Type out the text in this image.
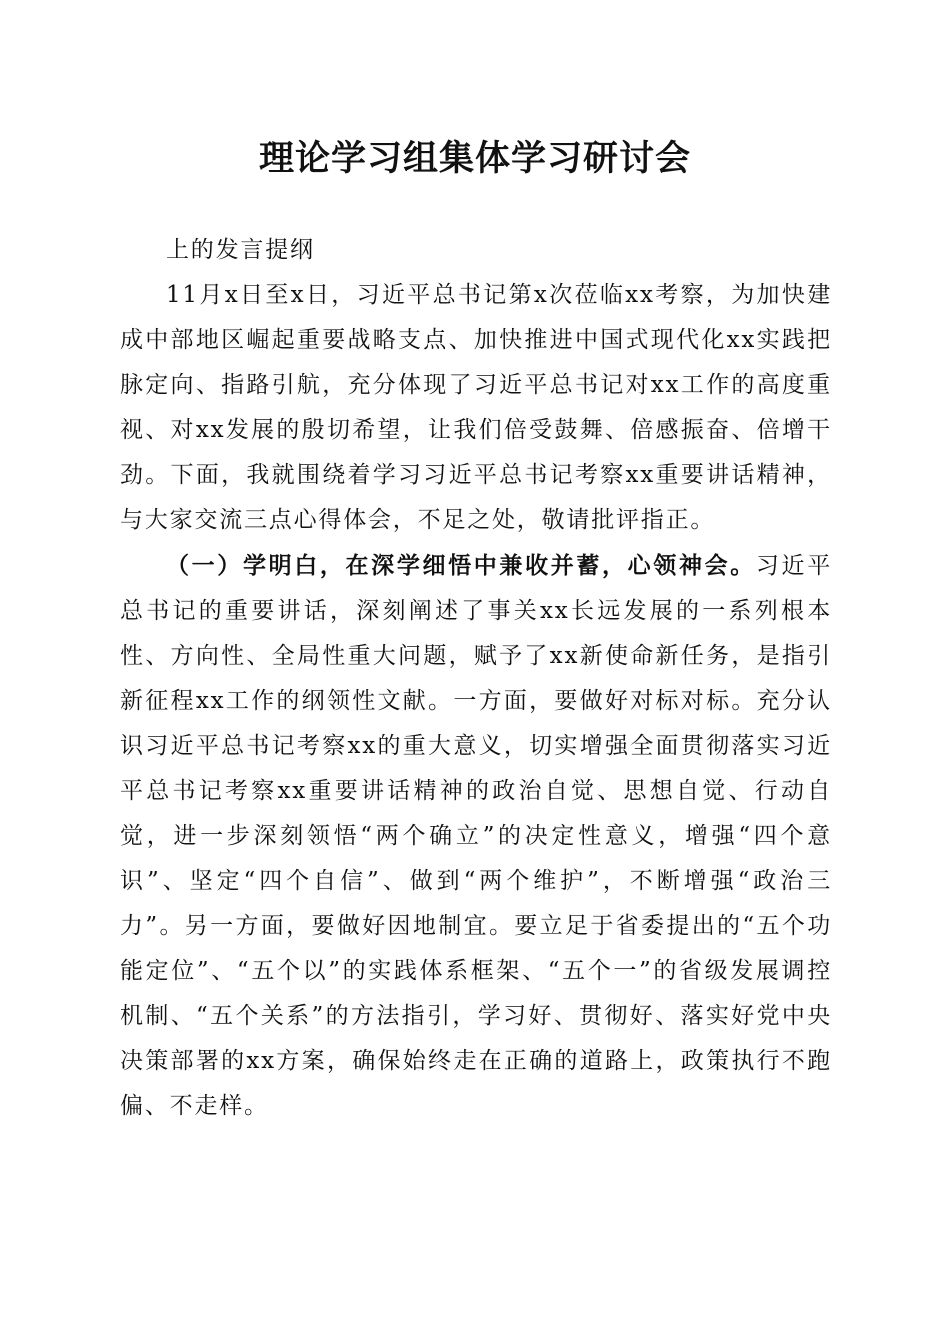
理论学习组集体学习研讨会

上的发言提纲

11月x日至x日，习近平总书记第x次莅临xx考察，为加快建成中部地区崛起重要战略支点、加快推进中国式现代化xx实践把脉定向、指路引航，充分体现了习近平总书记对xx工作的高度重视、对xx发展的殷切希望，让我们倍受鼓舞、倍感振奋、倍增干劲。下面，我就围绕着学习习近平总书记考察xx重要讲话精神，与大家交流三点心得体会，不足之处，敬请批评指正。

（一）学明白，在深学细悟中兼收并蓄，心领神会。习近平总书记的重要讲话，深刻阐述了事关xx长远发展的一系列根本性、方向性、全局性重大问题，赋予了xx新使命新任务，是指引新征程xx工作的纲领性文献。一方面，要做好对标对标。充分认识习近平总书记考察xx的重大意义，切实增强全面贯彻落实习近平总书记考察xx重要讲话精神的政治自觉、思想自觉、行动自觉，进一步深刻领悟“两个确立”的决定性意义，增强“四个意识”、坚定“四个自信”、做到“两个维护”，不断增强“政治三力”。另一方面，要做好因地制宜。要立足于省委提出的“五个功能定位”、“五个以”的实践体系框架、“五个一”的省级发展调控机制、“五个关系”的方法指引，学习好、贯彻好、落实好党中央决策部署的xx方案，确保始终走在正确的道路上，政策执行不跑偏、不走样。
